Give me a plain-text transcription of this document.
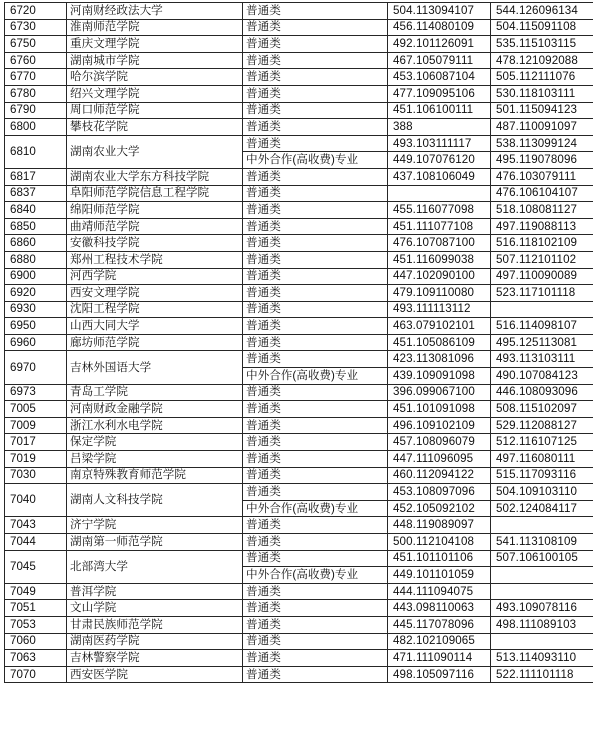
6720	河南财经政法大学	普通类	504.113094107	544.126096134
6730	淮南师范学院	普通类	456.114080109	504.115091108
6750	重庆文理学院	普通类	492.101126091	535.115103115
6760	湖南城市学院	普通类	467.105079111	478.121092088
6770	哈尔滨学院	普通类	453.106087104	505.112111076
6780	绍兴文理学院	普通类	477.109095106	530.118103111
6790	周口师范学院	普通类	451.106100111	501.115094123
6800	攀枝花学院	普通类	388	487.110091097
6810	湖南农业大学	普通类	493.103111117	538.113099124
		中外合作(高收费)专业	449.107076120	495.119078096
6817	湖南农业大学东方科技学院	普通类	437.108106049	476.103079111
6837	阜阳师范学院信息工程学院	普通类		476.106104107
6840	绵阳师范学院	普通类	455.116077098	518.108081127
6850	曲靖师范学院	普通类	451.111077108	497.119088113
6860	安徽科技学院	普通类	476.107087100	516.118102109
6880	郑州工程技术学院	普通类	451.116099038	507.112101102
6900	河西学院	普通类	447.102090100	497.110090089
6920	西安文理学院	普通类	479.109110080	523.117101118
6930	沈阳工程学院	普通类	493.111113112	
6950	山西大同大学	普通类	463.079102101	516.114098107
6960	廊坊师范学院	普通类	451.105086109	495.125113081
6970	吉林外国语大学	普通类	423.113081096	493.113103111
		中外合作(高收费)专业	439.109091098	490.107084123
6973	青岛工学院	普通类	396.099067100	446.108093096
7005	河南财政金融学院	普通类	451.101091098	508.115102097
7009	浙江水利水电学院	普通类	496.109102109	529.112088127
7017	保定学院	普通类	457.108096079	512.116107125
7019	吕梁学院	普通类	447.111096095	497.116080111
7030	南京特殊教育师范学院	普通类	460.112094122	515.117093116
7040	湖南人文科技学院	普通类	453.108097096	504.109103110
		中外合作(高收费)专业	452.105092102	502.124084117
7043	济宁学院	普通类	448.119089097	
7044	湖南第一师范学院	普通类	500.112104108	541.113108109
7045	北部湾大学	普通类	451.101101106	507.106100105
		中外合作(高收费)专业	449.101101059	
7049	普洱学院	普通类	444.111094075	
7051	文山学院	普通类	443.098110063	493.109078116
7053	甘肃民族师范学院	普通类	445.117078096	498.111089103
7060	湖南医药学院	普通类	482.102109065	
7063	吉林警察学院	普通类	471.111090114	513.114093110
7070	西安医学院	普通类	498.105097116	522.111101118
